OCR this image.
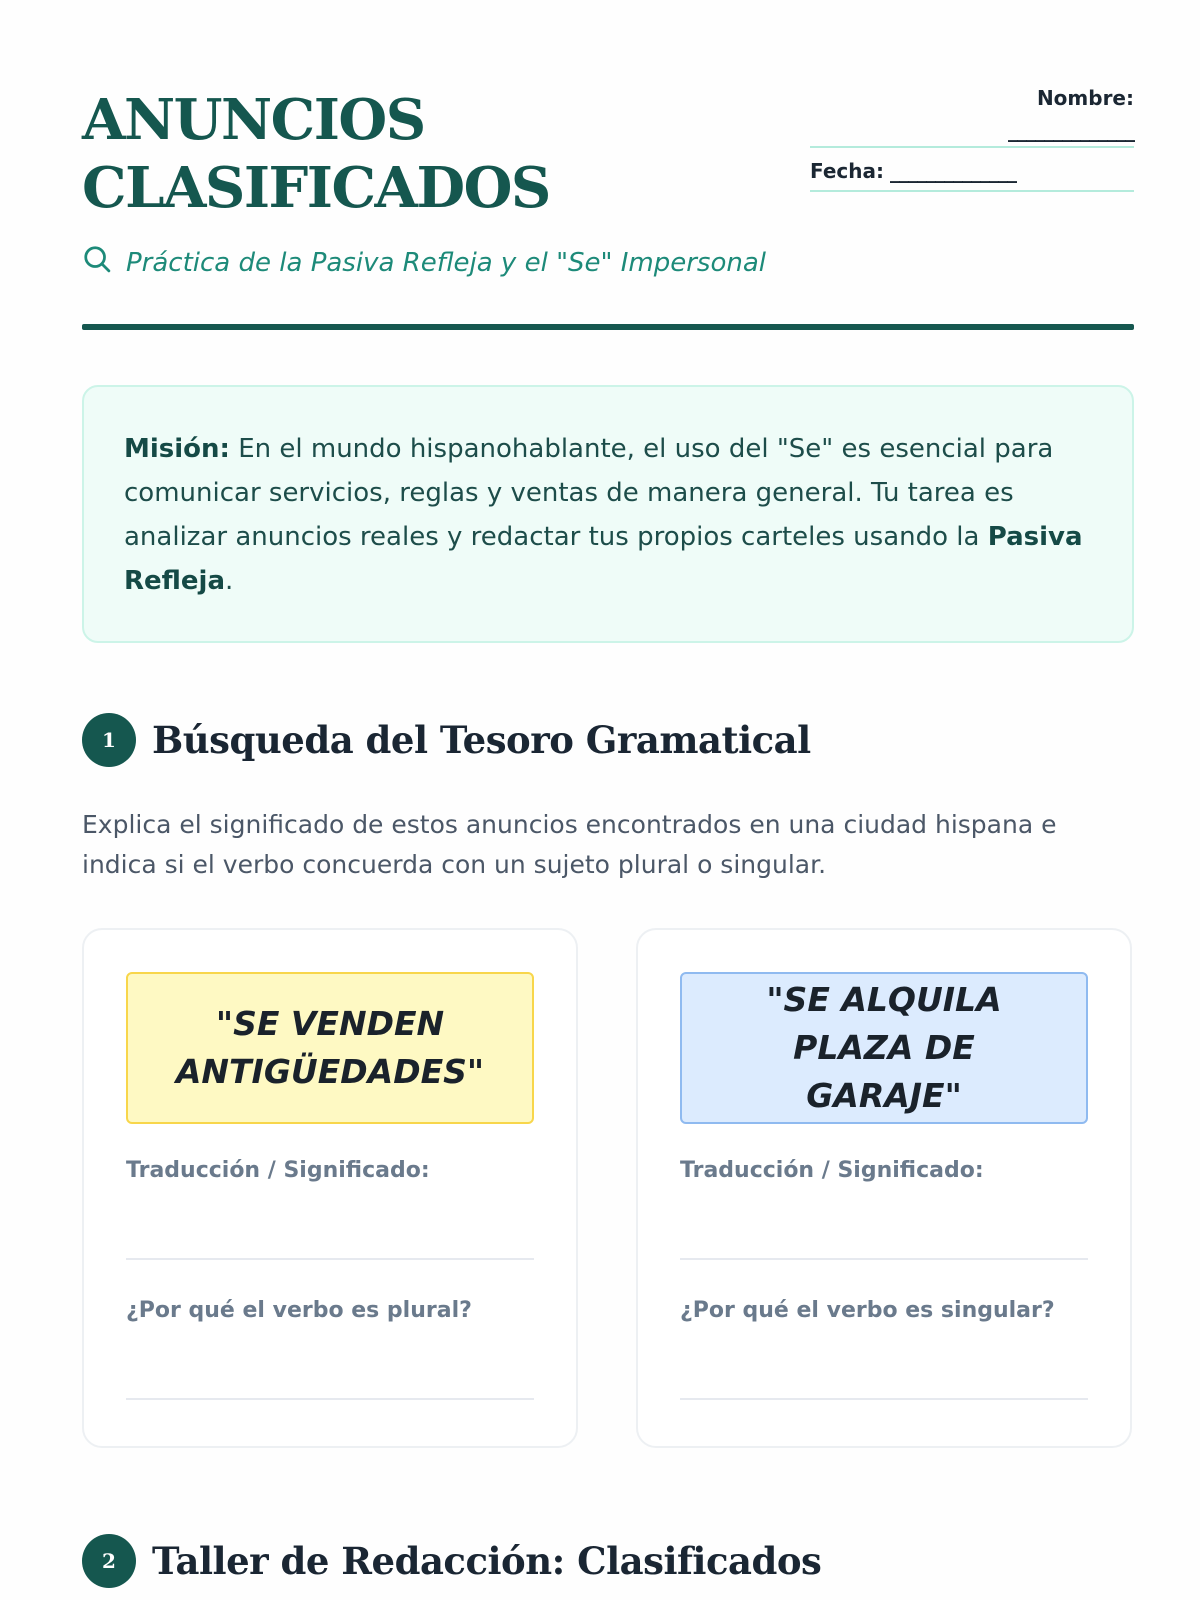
ANUNCIOS
CLASIFICADOS
Nombre:
______________
Fecha: ______________
Práctica de la Pasiva Refleja y el "Se" Impersonal
Misión: En el mundo hispanohablante, el uso del "Se" es esencial para comunicar servicios, reglas y ventas de manera general. Tu tarea es analizar anuncios reales y redactar tus propios carteles usando la Pasiva Refleja.
1 Búsqueda del Tesoro Gramatical
Explica el significado de estos anuncios encontrados en una ciudad hispana e indica si el verbo concuerda con un sujeto plural o singular.
"SE VENDEN ANTIGÜEDADES"
Traducción / Significado:
¿Por qué el verbo es plural?
"SE ALQUILA PLAZA DE GARAJE"
Traducción / Significado:
¿Por qué el verbo es singular?
2 Taller de Redacción: Clasificados
